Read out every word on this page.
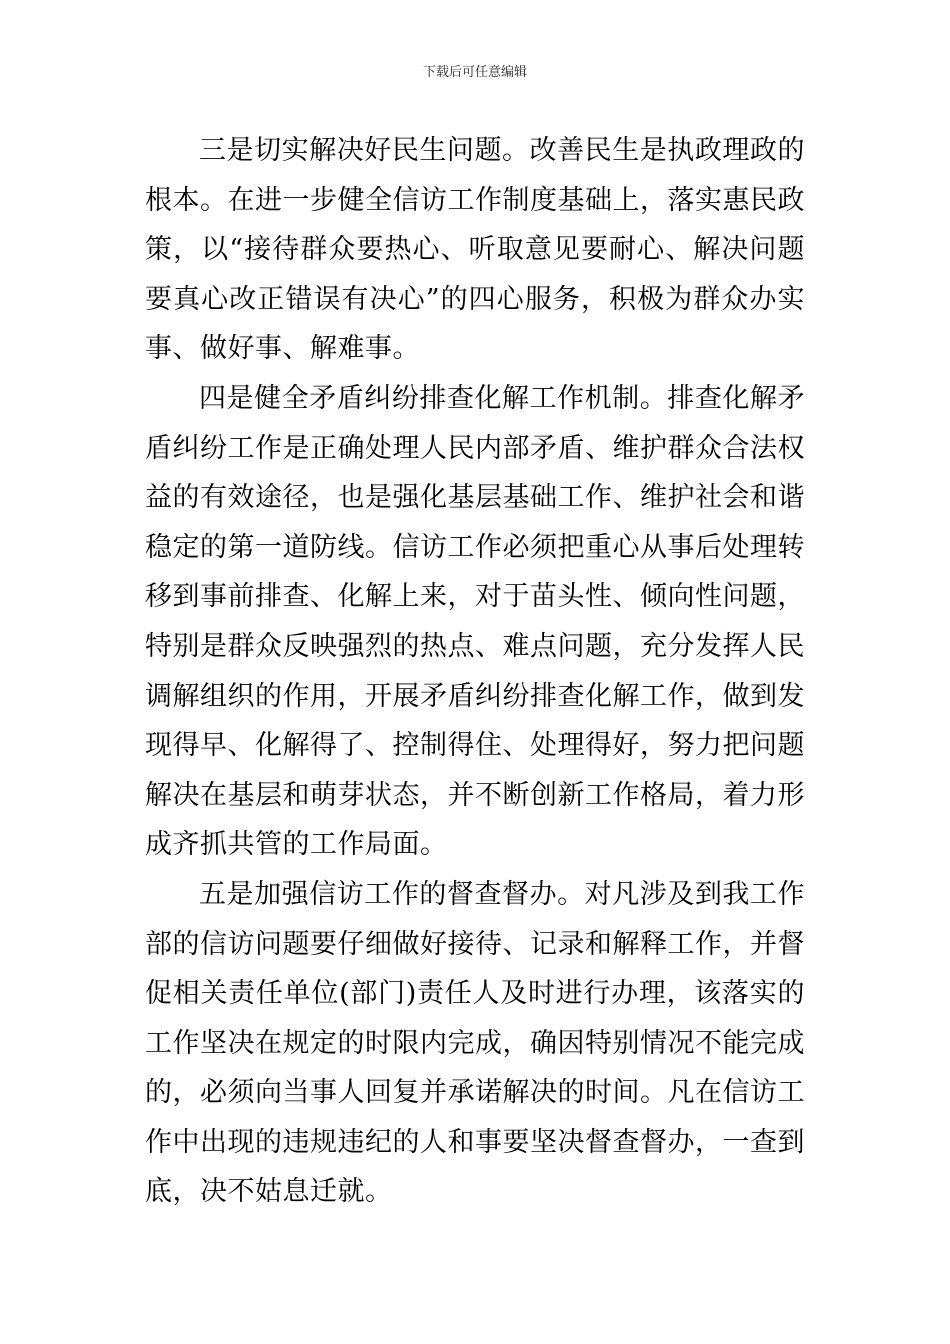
下载后可任意编辑

三是切实解决好民生问题。改善民生是执政理政的根本。在进一步健全信访工作制度基础上，落实惠民政策，以“接待群众要热心、听取意见要耐心、解决问题要真心改正错误有决心”的四心服务，积极为群众办实事、做好事、解难事。

四是健全矛盾纠纷排查化解工作机制。排查化解矛盾纠纷工作是正确处理人民内部矛盾、维护群众合法权益的有效途径，也是强化基层基础工作、维护社会和谐稳定的第一道防线。信访工作必须把重心从事后处理转移到事前排查、化解上来，对于苗头性、倾向性问题，特别是群众反映强烈的热点、难点问题，充分发挥人民调解组织的作用，开展矛盾纠纷排查化解工作，做到发现得早、化解得了、控制得住、处理得好，努力把问题解决在基层和萌芽状态，并不断创新工作格局，着力形成齐抓共管的工作局面。

五是加强信访工作的督查督办。对凡涉及到我工作部的信访问题要仔细做好接待、记录和解释工作，并督促相关责任单位(部门)责任人及时进行办理，该落实的工作坚决在规定的时限内完成，确因特别情况不能完成的，必须向当事人回复并承诺解决的时间。凡在信访工作中出现的违规违纪的人和事要坚决督查督办，一查到底，决不姑息迁就。
